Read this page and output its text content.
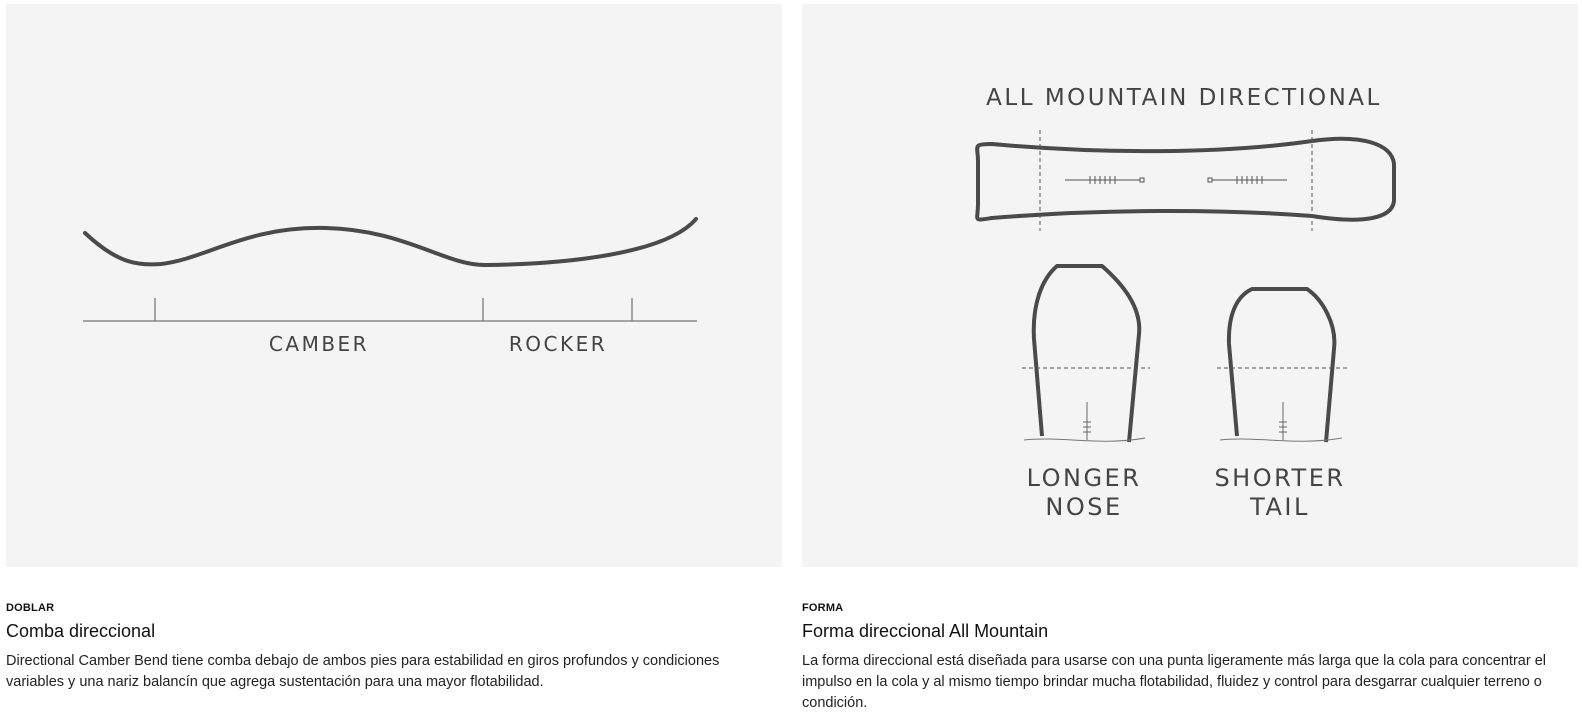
CAMBER	ROCKER
DOBLAR
Comba direccional
Directional Camber Bend tiene comba debajo de ambos pies para estabilidad en giros profundos y condiciones variables y una nariz balancín que agrega sustentación para una mayor flotabilidad.
ALL MOUNTAIN DIRECTIONAL
LONGER
NOSE
SHORTER
TAIL
FORMA
Forma direccional All Mountain
La forma direccional está diseñada para usarse con una punta ligeramente más larga que la cola para concentrar el impulso en la cola y al mismo tiempo brindar mucha flotabilidad, fluidez y control para desgarrar cualquier terreno o condición.
